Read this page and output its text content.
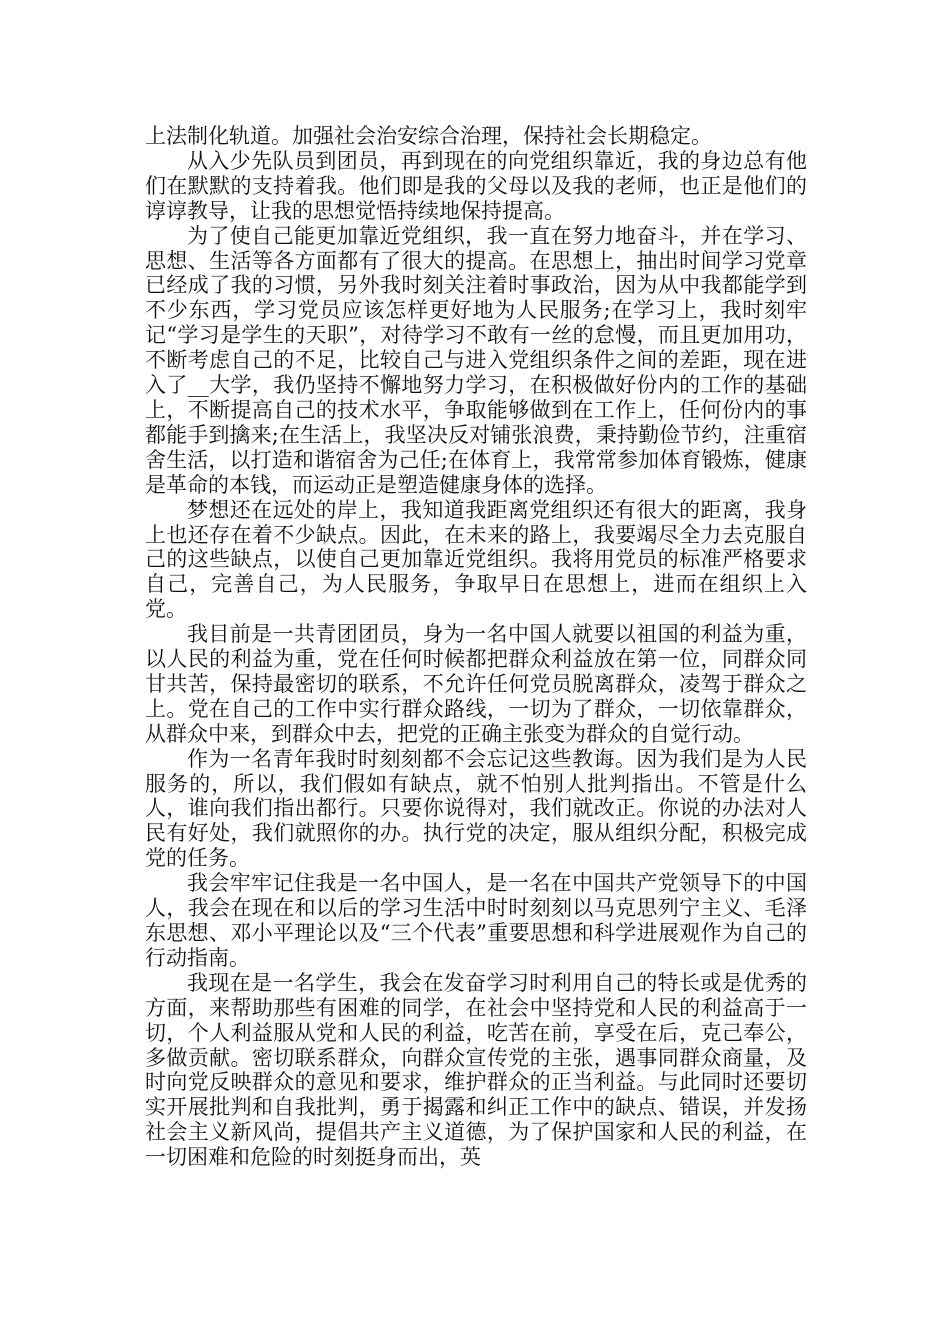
上法制化轨道。加强社会治安综合治理，保持社会长期稳定。

从入少先队员到团员，再到现在的向党组织靠近，我的身边总有他们在默默的支持着我。他们即是我的父母以及我的老师，也正是他们的谆谆教导，让我的思想觉悟持续地保持提高。

为了使自己能更加靠近党组织，我一直在努力地奋斗，并在学习、思想、生活等各方面都有了很大的提高。在思想上，抽出时间学习党章已经成了我的习惯，另外我时刻关注着时事政治，因为从中我都能学到不少东西，学习党员应该怎样更好地为人民服务;在学习上，我时刻牢记“学习是学生的天职”，对待学习不敢有一丝的怠慢，而且更加用功，不断考虑自己的不足，比较自己与进入党组织条件之间的差距，现在进入了__大学，我仍坚持不懈地努力学习，在积极做好份内的工作的基础上，不断提高自己的技术水平，争取能够做到在工作上，任何份内的事都能手到擒来;在生活上，我坚决反对铺张浪费，秉持勤俭节约，注重宿舍生活，以打造和谐宿舍为己任;在体育上，我常常参加体育锻炼，健康是革命的本钱，而运动正是塑造健康身体的选择。

梦想还在远处的岸上，我知道我距离党组织还有很大的距离，我身上也还存在着不少缺点。因此，在未来的路上，我要竭尽全力去克服自己的这些缺点，以使自己更加靠近党组织。我将用党员的标准严格要求自己，完善自己，为人民服务，争取早日在思想上，进而在组织上入党。

我目前是一共青团团员，身为一名中国人就要以祖国的利益为重，以人民的利益为重，党在任何时候都把群众利益放在第一位，同群众同甘共苦，保持最密切的联系，不允许任何党员脱离群众，凌驾于群众之上。党在自己的工作中实行群众路线，一切为了群众，一切依靠群众，从群众中来，到群众中去，把党的正确主张变为群众的自觉行动。

作为一名青年我时时刻刻都不会忘记这些教诲。因为我们是为人民服务的，所以，我们假如有缺点，就不怕别人批判指出。不管是什么人，谁向我们指出都行。只要你说得对，我们就改正。你说的办法对人民有好处，我们就照你的办。执行党的决定，服从组织分配，积极完成党的任务。

我会牢牢记住我是一名中国人，是一名在中国共产党领导下的中国人，我会在现在和以后的学习生活中时时刻刻以马克思列宁主义、毛泽东思想、邓小平理论以及“三个代表”重要思想和科学进展观作为自己的行动指南。

我现在是一名学生，我会在发奋学习时利用自己的特长或是优秀的方面，来帮助那些有困难的同学，在社会中坚持党和人民的利益高于一切，个人利益服从党和人民的利益，吃苦在前，享受在后，克己奉公，多做贡献。密切联系群众，向群众宣传党的主张，遇事同群众商量，及时向党反映群众的意见和要求，维护群众的正当利益。与此同时还要切实开展批判和自我批判，勇于揭露和纠正工作中的缺点、错误，并发扬社会主义新风尚，提倡共产主义道德，为了保护国家和人民的利益，在一切困难和危险的时刻挺身而出，英
